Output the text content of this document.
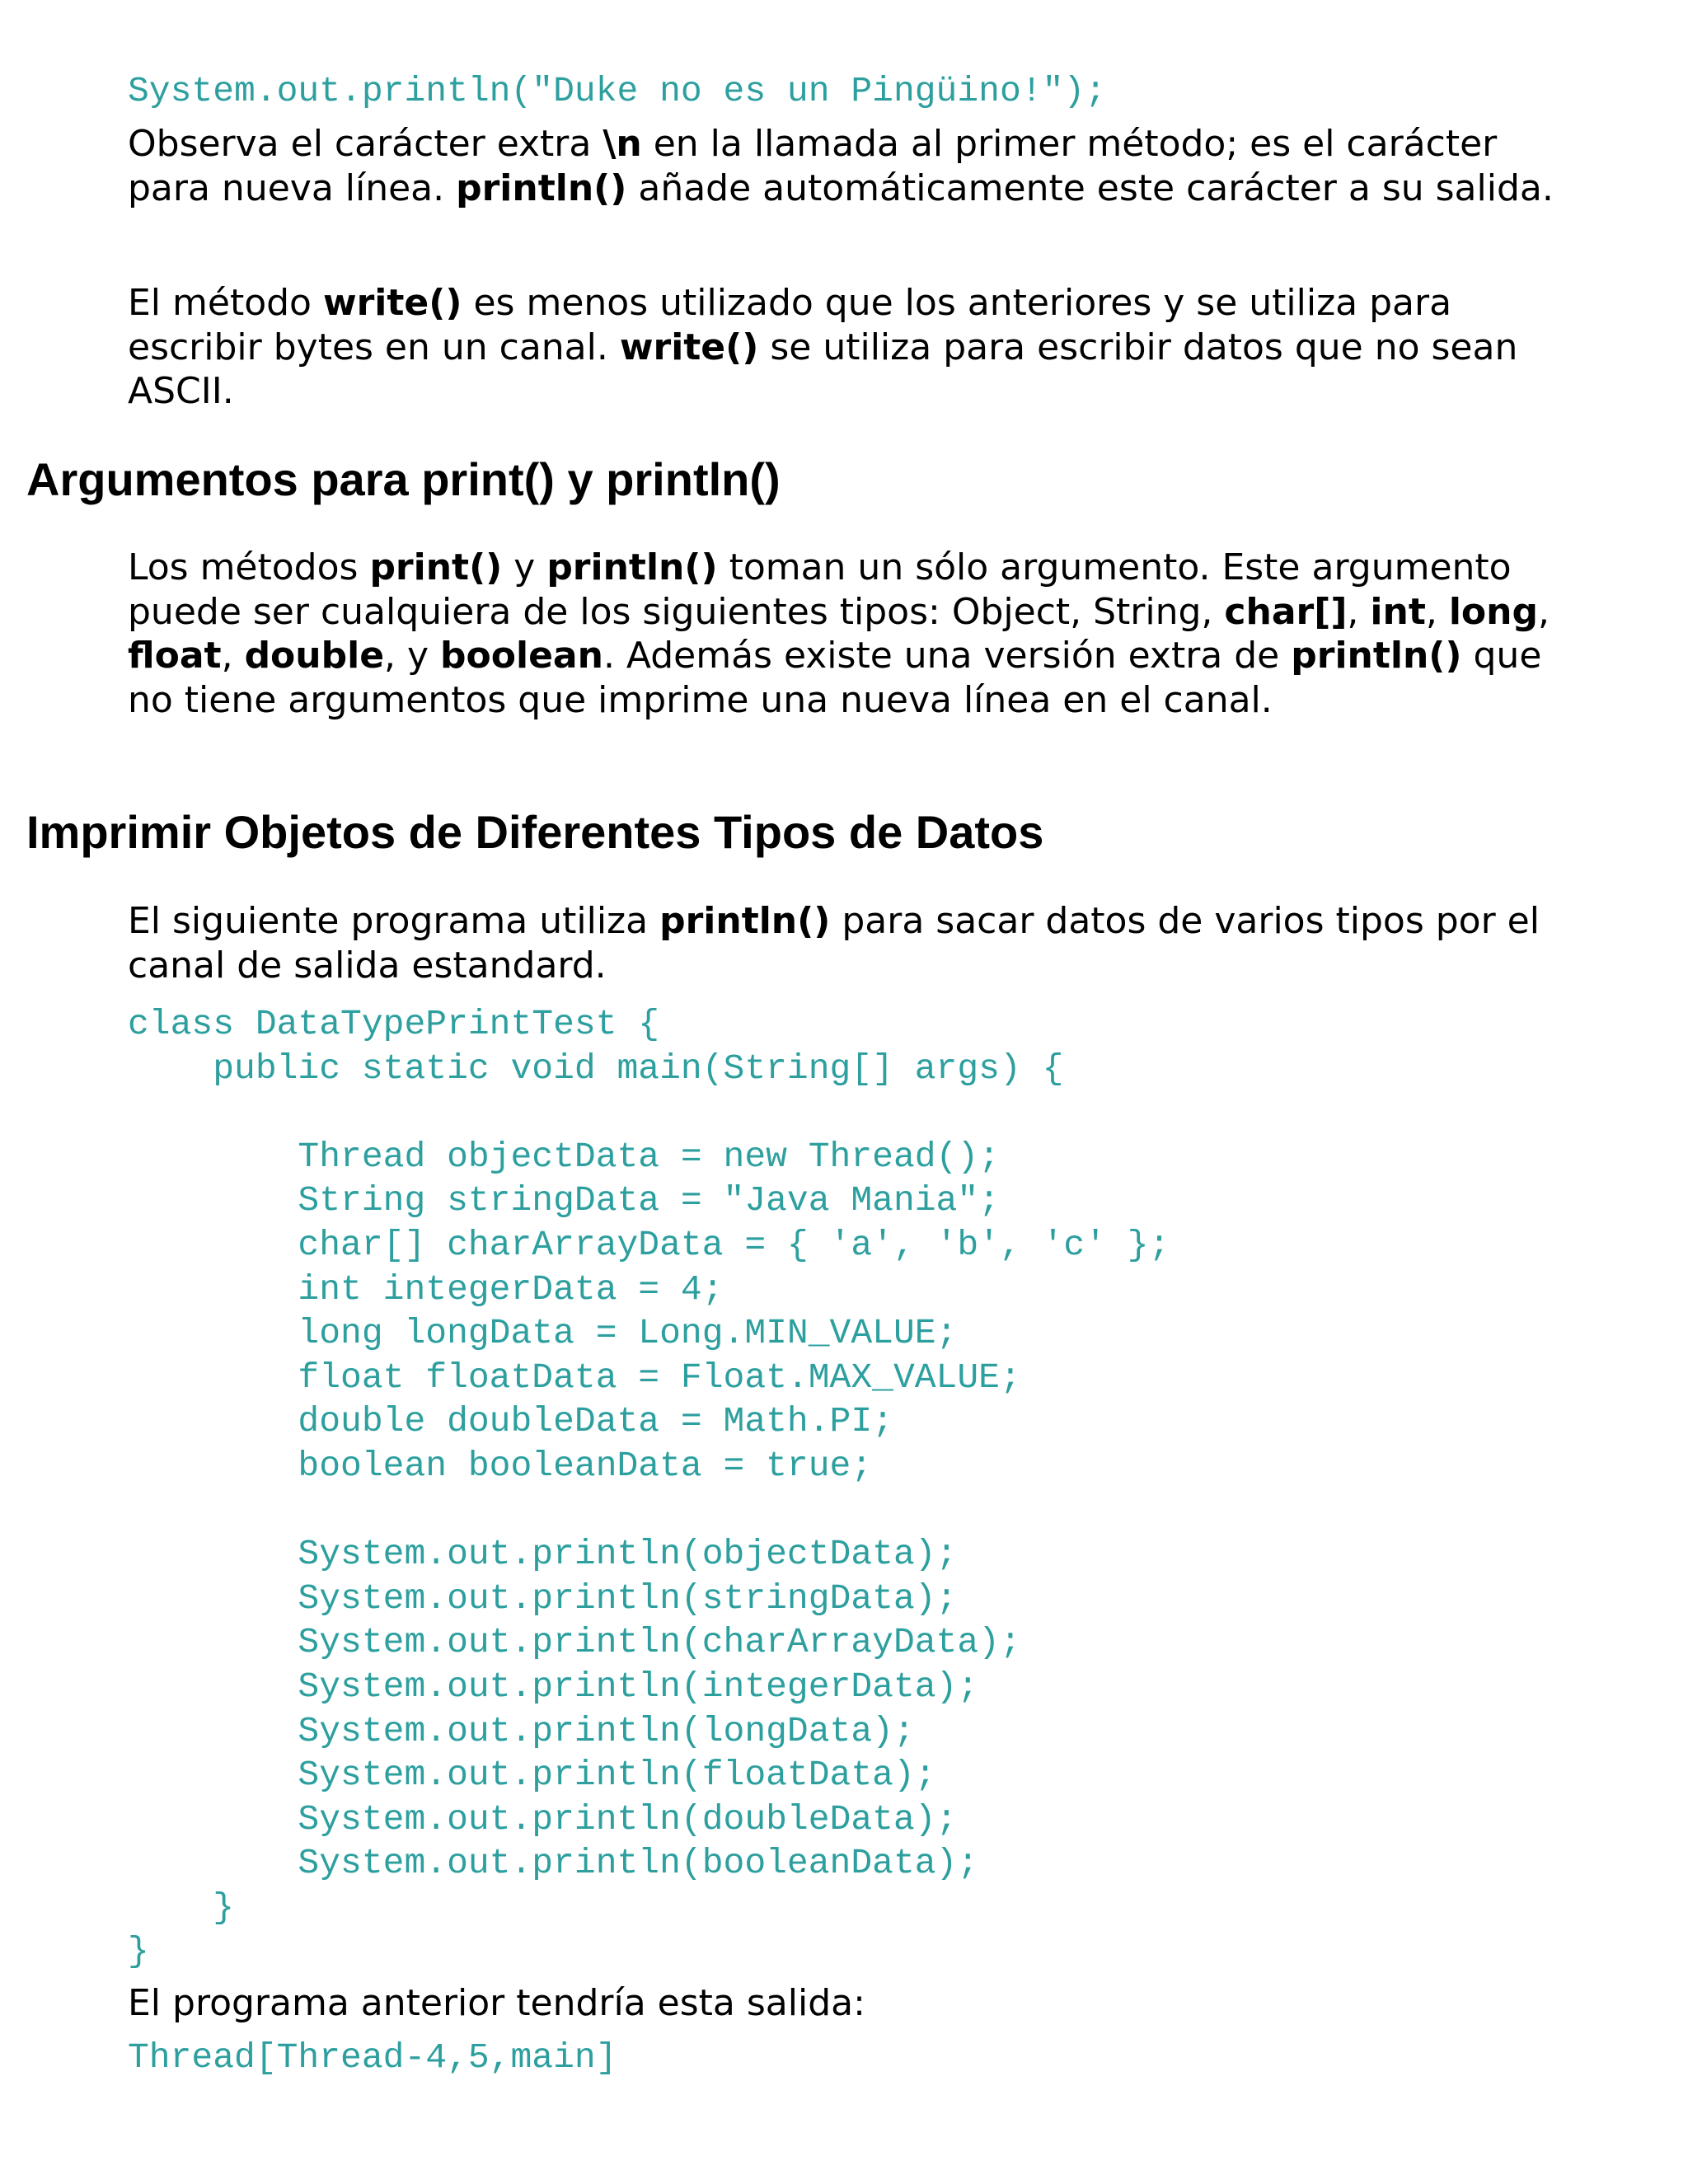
System.out.println("Duke no es un Pingüino!");

Observa el carácter extra \n en la llamada al primer método; es el carácter para nueva línea. println() añade automáticamente este carácter a su salida.

El método write() es menos utilizado que los anteriores y se utiliza para escribir bytes en un canal. write() se utiliza para escribir datos que no sean ASCII.

Argumentos para print() y println()

Los métodos print() y println() toman un sólo argumento. Este argumento puede ser cualquiera de los siguientes tipos: Object, String, char[], int, long, float, double, y boolean. Además existe una versión extra de println() que no tiene argumentos que imprime una nueva línea en el canal.

Imprimir Objetos de Diferentes Tipos de Datos

El siguiente programa utiliza println() para sacar datos de varios tipos por el canal de salida estandard.

class DataTypePrintTest {
public static void main(String[] args) {

Thread objectData = new Thread();
String stringData = "Java Mania";
char[] charArrayData = { 'a', 'b', 'c' };
int integerData = 4;
long longData = Long.MIN_VALUE;
float floatData = Float.MAX_VALUE;
double doubleData = Math.PI;
boolean booleanData = true;

System.out.println(objectData);
System.out.println(stringData);
System.out.println(charArrayData);
System.out.println(integerData);
System.out.println(longData);
System.out.println(floatData);
System.out.println(doubleData);
System.out.println(booleanData);
}
}

El programa anterior tendría esta salida:

Thread[Thread-4,5,main]
